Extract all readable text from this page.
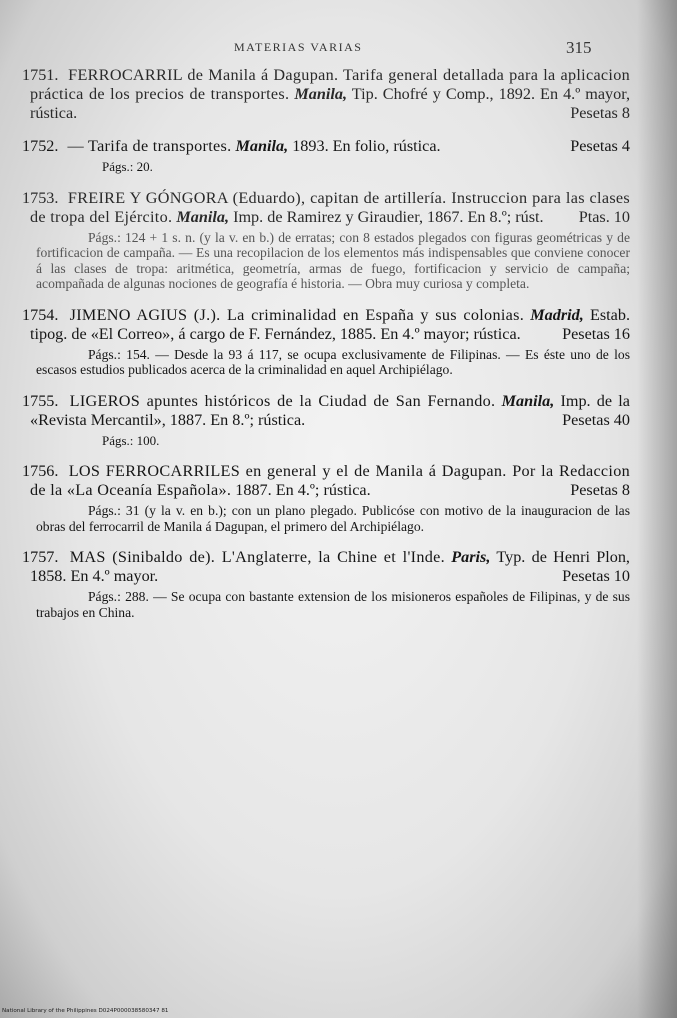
MATERIAS VARIAS	315

1751. FERROCARRIL de Manila á Dagupan. Tarifa general detallada para la aplicacion práctica de los precios de transportes. Manila, Tip. Chofré y Comp., 1892. En 4.º mayor, rústica.	Pesetas 8

1752. — Tarifa de transportes. Manila, 1893. En folio, rústica.	Pesetas 4

Págs.: 20.

1753. FREIRE Y GÓNGORA (Eduardo), capitan de artillería. Instruccion para las clases de tropa del Ejército. Manila, Imp. de Ramirez y Giraudier, 1867. En 8.º; rúst. Ptas. 10

Págs.: 124 + 1 s. n. (y la v. en b.) de erratas; con 8 estados plegados con figuras geométricas y de fortificacion de campaña. — Es una recopilacion de los elementos más indispensables que conviene conocer á las clases de tropa: aritmética, geometría, armas de fuego, fortificacion y servicio de campaña; acompañada de algunas nociones de geografía é historia. — Obra muy curiosa y completa.

1754. JIMENO AGIUS (J.). La criminalidad en España y sus colonias. Madrid, Estab. tipog. de «El Correo», á cargo de F. Fernández, 1885. En 4.º mayor; rústica.	Pesetas 16

Págs.: 154. — Desde la 93 á 117, se ocupa exclusivamente de Filipinas. — Es éste uno de los escasos estudios publicados acerca de la criminalidad en aquel Archipiélago.

1755. LIGEROS apuntes históricos de la Ciudad de San Fernando. Manila, Imp. de la «Revista Mercantil», 1887. En 8.º; rústica.	Pesetas 40

Págs.: 100.

1756. LOS FERROCARRILES en general y el de Manila á Dagupan. Por la Redaccion de la «La Oceanía Española». 1887. En 4.º; rústica.	Pesetas 8

Págs.: 31 (y la v. en b.); con un plano plegado. Publicóse con motivo de la inauguracion de las obras del ferrocarril de Manila á Dagupan, el primero del Archipiélago.

1757. MAS (Sinibaldo de). L'Anglaterre, la Chine et l'Inde. Paris, Typ. de Henri Plon, 1858. En 4.º mayor.	Pesetas 10

Págs.: 288. — Se ocupa con bastante extension de los misioneros españoles de Filipinas, y de sus trabajos en China.

National Library of the Philippines D024P000038580347 81
